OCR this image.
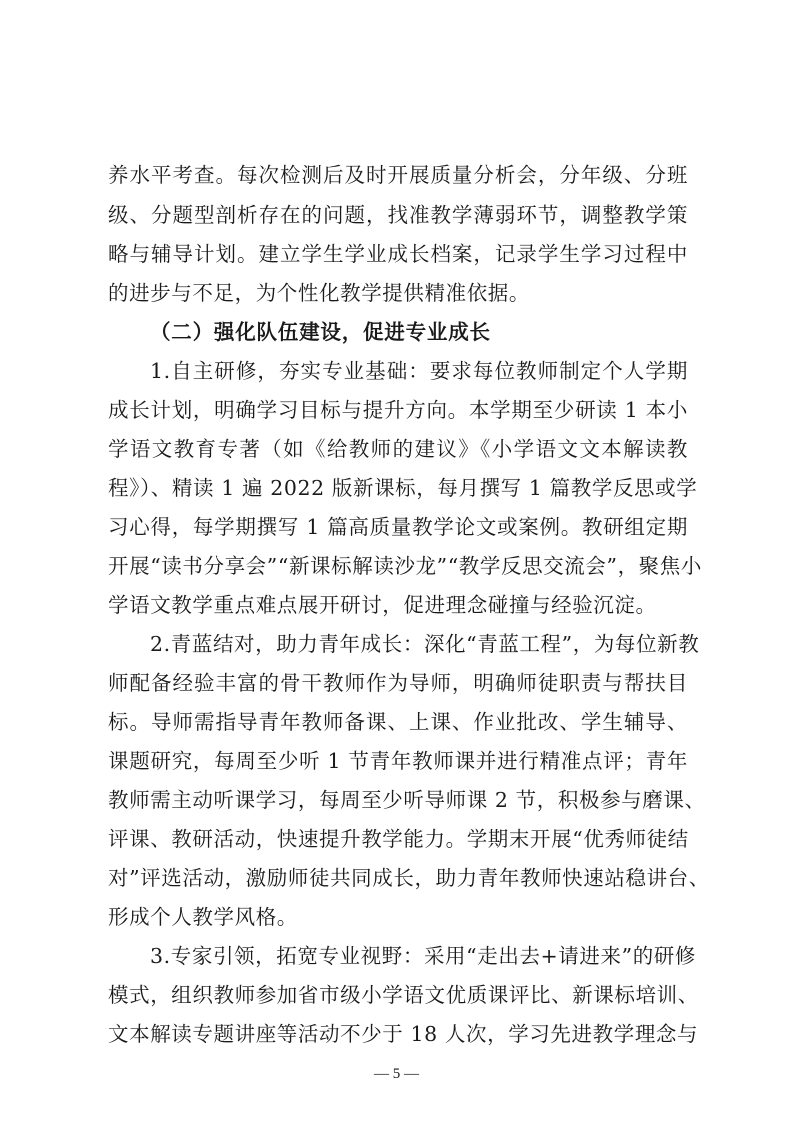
养水平考查。每次检测后及时开展质量分析会，分年级、分班
级、分题型剖析存在的问题，找准教学薄弱环节，调整教学策
略与辅导计划。建立学生学业成长档案，记录学生学习过程中
的进步与不足，为个性化教学提供精准依据。
（二）强化队伍建设，促进专业成长
1.自主研修，夯实专业基础：要求每位教师制定个人学期
成长计划，明确学习目标与提升方向。本学期至少研读 1 本小
学语文教育专著（如《给教师的建议》《小学语文文本解读教
程》）、精读 1 遍 2022 版新课标，每月撰写 1 篇教学反思或学
习心得，每学期撰写 1 篇高质量教学论文或案例。教研组定期
开展“读书分享会”“新课标解读沙龙”“教学反思交流会”，聚焦小
学语文教学重点难点展开研讨，促进理念碰撞与经验沉淀。
2.青蓝结对，助力青年成长：深化“青蓝工程”，为每位新教
师配备经验丰富的骨干教师作为导师，明确师徒职责与帮扶目
标。导师需指导青年教师备课、上课、作业批改、学生辅导、
课题研究，每周至少听 1 节青年教师课并进行精准点评；青年
教师需主动听课学习，每周至少听导师课 2 节，积极参与磨课、
评课、教研活动，快速提升教学能力。学期末开展“优秀师徒结
对”评选活动，激励师徒共同成长，助力青年教师快速站稳讲台、
形成个人教学风格。
3.专家引领，拓宽专业视野：采用“走出去+请进来”的研修
模式，组织教师参加省市级小学语文优质课评比、新课标培训、
文本解读专题讲座等活动不少于 18 人次，学习先进教学理念与
— 5 —
